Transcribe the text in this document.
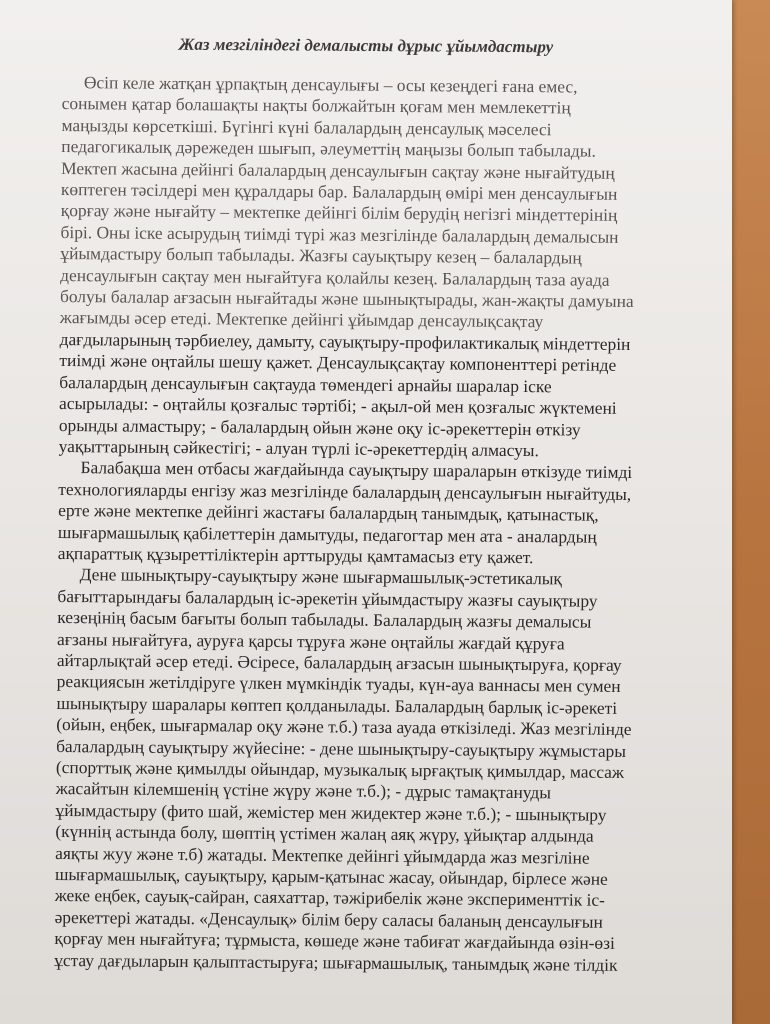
Жаз мезгіліндегі демалысты дұрыс ұйымдастыру
Өсіп келе жатқан ұрпақтың денсаулығы – осы кезеңдегі ғана емес,
сонымен қатар болашақты нақты болжайтын қоғам мен мемлекеттің
маңызды көрсеткіші. Бүгінгі күні балалардың денсаулық мәселесі
педагогикалық дәрежеден шығып, әлеуметтің маңызы болып табылады.
Мектеп жасына дейінгі балалардың денсаулығын сақтау және нығайтудың
көптеген тәсілдері мен құралдары бар. Балалардың өмірі мен денсаулығын
қорғау және нығайту – мектепке дейінгі білім берудің негізгі міндеттерінің
бірі. Оны іске асырудың тиімді түрі жаз мезгілінде балалардың демалысын
ұйымдастыру болып табылады. Жазғы сауықтыру кезең – балалардың
денсаулығын сақтау мен нығайтуға қолайлы кезең. Балалардың таза ауада
болуы балалар ағзасын нығайтады және шынықтырады, жан-жақты дамуына
жағымды әсер етеді. Мектепке дейінгі ұйымдар денсаулықсақтау
дағдыларының тәрбиелеу, дамыту, сауықтыру-профилактикалық міндеттерін
тиімді және оңтайлы шешу қажет. Денсаулықсақтау компоненттері ретінде
балалардың денсаулығын сақтауда төмендегі арнайы шаралар іске
асырылады: - оңтайлы қозғалыс тәртібі; - ақыл-ой мен қозғалыс жүктемені
орынды алмастыру; - балалардың ойын және оқу іс-әрекеттерін өткізу
уақыттарының сәйкестігі; - алуан түрлі іс-әрекеттердің алмасуы.
Балабақша мен отбасы жағдайында сауықтыру шараларын өткізуде тиімді
технологияларды енгізу жаз мезгілінде балалардың денсаулығын нығайтуды,
ерте және мектепке дейінгі жастағы балалардың танымдық, қатынастық,
шығармашылық қабілеттерін дамытуды, педагогтар мен ата - аналардың
ақпараттық құзыреттіліктерін арттыруды қамтамасыз ету қажет.
Дене шынықтыру-сауықтыру және шығармашылық-эстетикалық
бағыттарындағы балалардың іс-әрекетін ұйымдастыру жазғы сауықтыру
кезеңінің басым бағыты болып табылады. Балалардың жазғы демалысы
ағзаны нығайтуға, ауруға қарсы тұруға және оңтайлы жағдай құруға
айтарлықтай әсер етеді. Әсіресе, балалардың ағзасын шынықтыруға, қорғау
реакциясын жетілдіруге үлкен мүмкіндік туады, күн-ауа ваннасы мен сумен
шынықтыру шаралары көптеп қолданылады. Балалардың барлық іс-әрекеті
(ойын, еңбек, шығармалар оқу және т.б.) таза ауада өткізіледі. Жаз мезгілінде
балалардың сауықтыру жүйесіне: - дене шынықтыру-сауықтыру жұмыстары
(спорттық және қимылды ойындар, музыкалық ырғақтық қимылдар, массаж
жасайтын кілемшенің үстіне жүру және т.б.); - дұрыс тамақтануды
ұйымдастыру (фито шай, жемістер мен жидектер және т.б.); - шынықтыру
(күннің астында болу, шөптің үстімен жалаң аяқ жүру, ұйықтар алдында
аяқты жуу және т.б) жатады. Мектепке дейінгі ұйымдарда жаз мезгіліне
шығармашылық, сауықтыру, қарым-қатынас жасау, ойындар, бірлесе және
жеке еңбек, сауық-сайран, саяхаттар, тәжірибелік және эксперименттік іс-
әрекеттері жатады. «Денсаулық» білім беру саласы баланың денсаулығын
қорғау мен нығайтуға; тұрмыста, көшеде және табиғат жағдайында өзін-өзі
ұстау дағдыларын қалыптастыруға; шығармашылық, танымдық және тілдік
